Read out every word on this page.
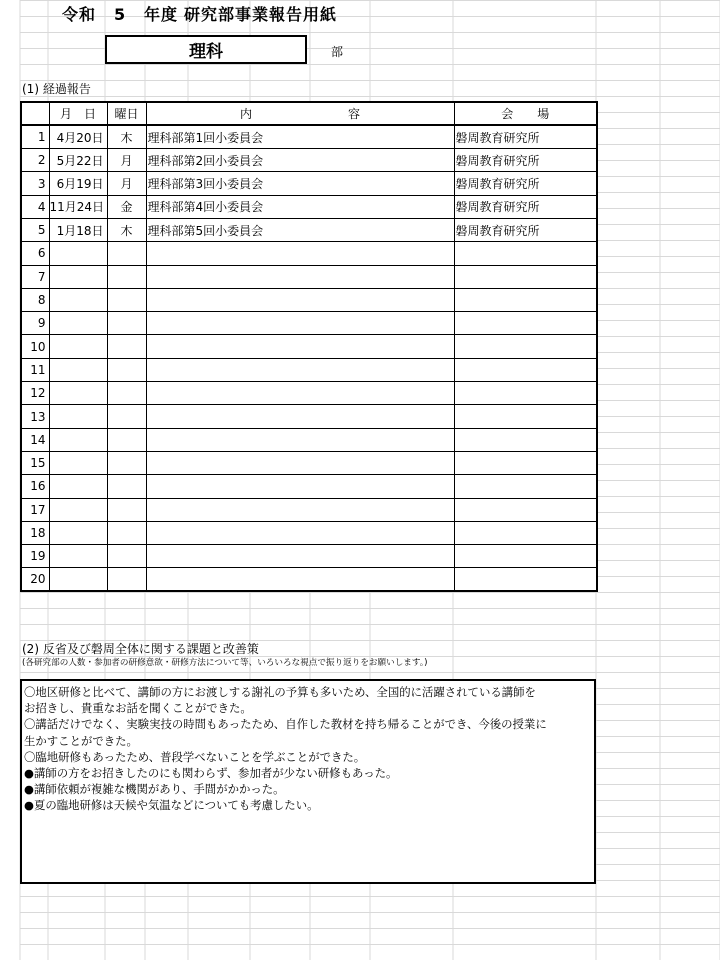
令和 5 年度 研究部事業報告用紙
理科	部
(1) 経過報告
	月　日	曜日	内　　　　　　　　容	会　　場
1	4月20日	木	理科部第1回小委員会	磐周教育研究所
2	5月22日	月	理科部第2回小委員会	磐周教育研究所
3	6月19日	月	理科部第3回小委員会	磐周教育研究所
4	11月24日	金	理科部第4回小委員会	磐周教育研究所
5	1月18日	木	理科部第5回小委員会	磐周教育研究所
6				
7				
8				
9				
10				
11				
12				
13				
14				
15				
16				
17				
18				
19				
20				
(2) 反省及び磐周全体に関する課題と改善策
(各研究部の人数・参加者の研修意欲・研修方法について等、いろいろな視点で振り返りをお願いします。)
〇地区研修と比べて、講師の方にお渡しする謝礼の予算も多いため、全国的に活躍されている講師を
お招きし、貴重なお話を聞くことができた。
〇講話だけでなく、実験実技の時間もあったため、自作した教材を持ち帰ることができ、今後の授業に
生かすことができた。
〇臨地研修もあったため、普段学べないことを学ぶことができた。
●講師の方をお招きしたのにも関わらず、参加者が少ない研修もあった。
●講師依頼が複雑な機関があり、手間がかかった。
●夏の臨地研修は天候や気温などについても考慮したい。
